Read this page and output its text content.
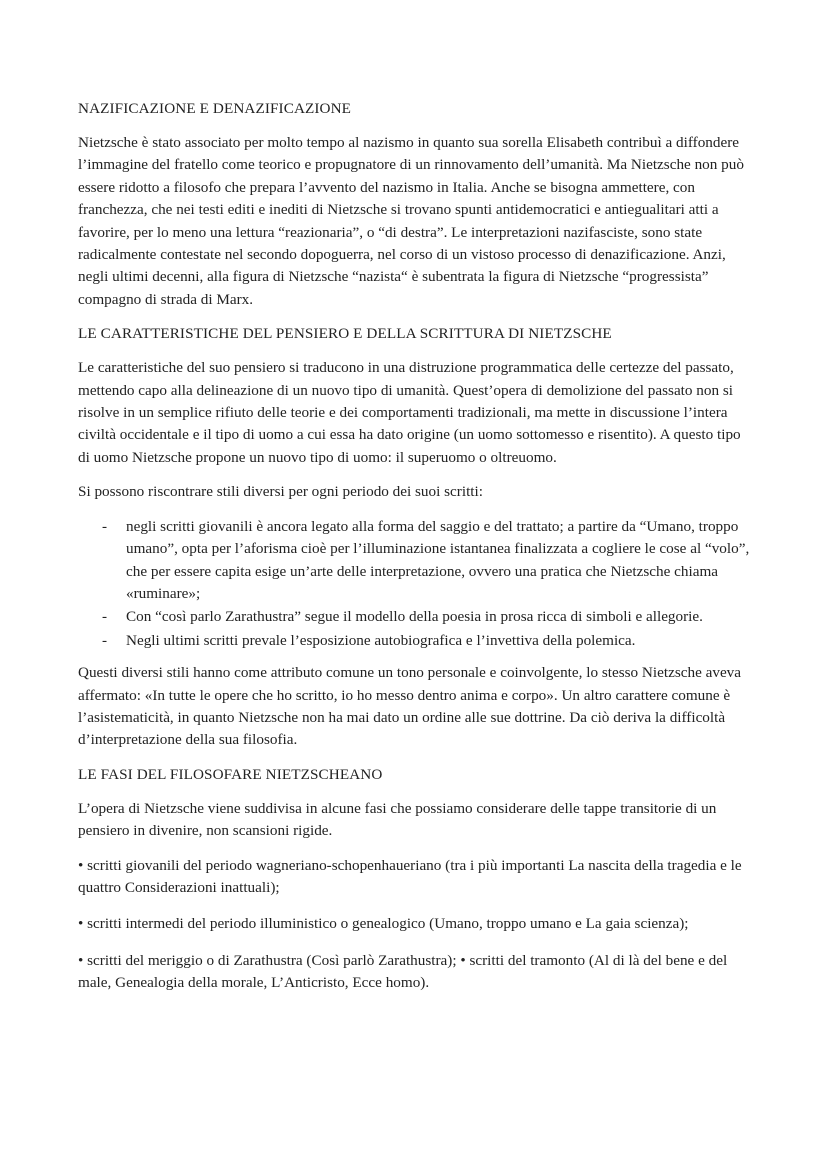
NAZIFICAZIONE E DENAZIFICAZIONE

Nietzsche è stato associato per molto tempo al nazismo in quanto sua sorella Elisabeth contribuì a diffondere l’immagine del fratello come teorico e propugnatore di un rinnovamento dell’umanità. Ma Nietzsche non può essere ridotto a filosofo che prepara l’avvento del nazismo in Italia. Anche se bisogna ammettere, con franchezza, che nei testi editi e inediti di Nietzsche si trovano spunti antidemocratici e antiegualitari atti a favorire, per lo meno una lettura “reazionaria”, o “di destra”. Le interpretazioni nazifasciste, sono state radicalmente contestate nel secondo dopoguerra, nel corso di un vistoso processo di denazificazione. Anzi, negli ultimi decenni, alla figura di Nietzsche “nazista“ è subentrata la figura di Nietzsche “progressista” compagno di strada di Marx.

LE CARATTERISTICHE DEL PENSIERO E DELLA SCRITTURA DI NIETZSCHE

Le caratteristiche del suo pensiero si traducono in una distruzione programmatica delle certezze del passato, mettendo capo alla delineazione di un nuovo tipo di umanità. Quest’opera di demolizione del passato non si risolve in un semplice rifiuto delle teorie e dei comportamenti tradizionali, ma mette in discussione l’intera civiltà occidentale e il tipo di uomo a cui essa ha dato origine (un uomo sottomesso e risentito). A questo tipo di uomo Nietzsche propone un nuovo tipo di uomo: il superuomo o oltreuomo.

Si possono riscontrare stili diversi per ogni periodo dei suoi scritti:

- negli scritti giovanili è ancora legato alla forma del saggio e del trattato; a partire da “Umano, troppo umano”, opta per l’aforisma cioè per l’illuminazione istantanea finalizzata a cogliere le cose al “volo”, che per essere capita esige un’arte delle interpretazione, ovvero una pratica che Nietzsche chiama «ruminare»;
- Con “così parlo Zarathustra” segue il modello della poesia in prosa ricca di simboli e allegorie.
- Negli ultimi scritti prevale l’esposizione autobiografica e l’invettiva della polemica.

Questi diversi stili hanno come attributo comune un tono personale e coinvolgente, lo stesso Nietzsche aveva affermato: «In tutte le opere che ho scritto, io ho messo dentro anima e corpo». Un altro carattere comune è l’asistematicità, in quanto Nietzsche non ha mai dato un ordine alle sue dottrine. Da ciò deriva la difficoltà d’interpretazione della sua filosofia.

LE FASI DEL FILOSOFARE NIETZSCHEANO

L’opera di Nietzsche viene suddivisa in alcune fasi che possiamo considerare delle tappe transitorie di un pensiero in divenire, non scansioni rigide.

• scritti giovanili del periodo wagneriano-schopenhaueriano (tra i più importanti La nascita della tragedia e le quattro Considerazioni inattuali);

• scritti intermedi del periodo illuministico o genealogico (Umano, troppo umano e La gaia scienza);

• scritti del meriggio o di Zarathustra (Così parlò Zarathustra); • scritti del tramonto (Al di là del bene e del male, Genealogia della morale, L’Anticristo, Ecce homo).
